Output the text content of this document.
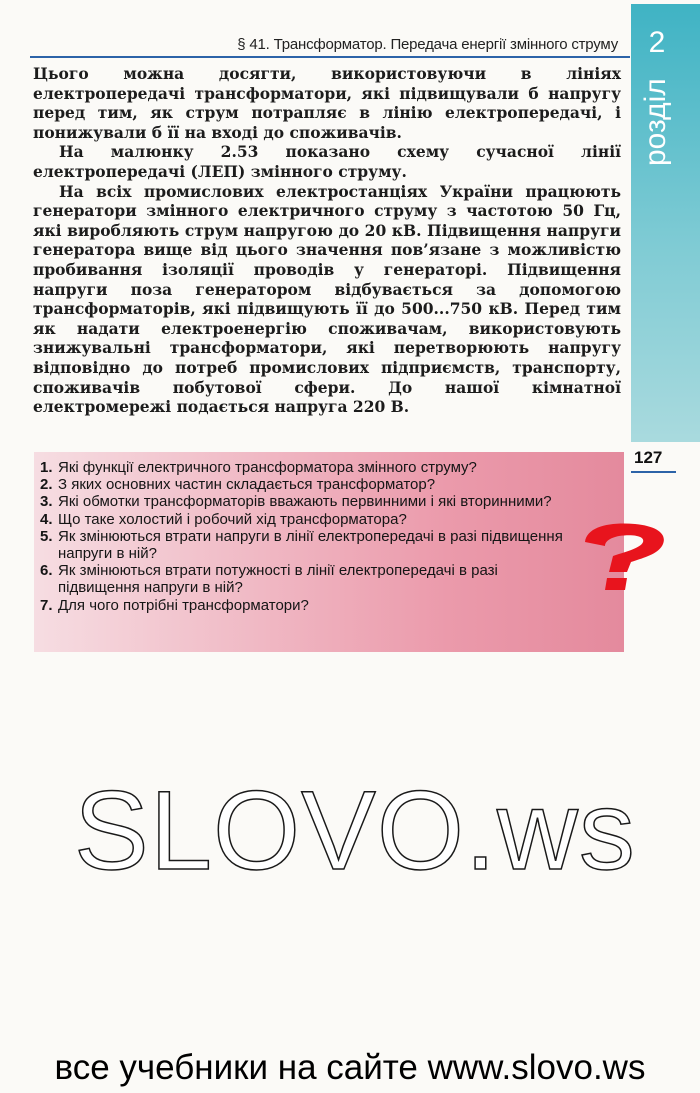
§ 41. Трансформатор. Передача енергії змінного струму	2
розділ
127

Цього можна досягти, використовуючи в лініях електропередачі трансформатори, які підвищували б напругу перед тим, як струм потрапляє в лінію електропередачі, і понижували б її на вході до споживачів.

На малюнку 2.53 показано схему сучасної лінії електропередачі (ЛЕП) змінного струму.

На всіх промислових електростанціях України працюють генератори змінного електричного струму з частотою 50 Гц, які виробляють струм напругою до 20 кВ. Підвищення напруги генератора вище від цього значення пов’язане з можливістю пробивання ізоляції проводів у генераторі. Підвищення напруги поза генератором відбувається за допомогою трансформаторів, які підвищують її до 500...750 кВ. Перед тим як надати електроенергію споживачам, використовують знижувальні трансформатори, які перетворюють напругу відповідно до потреб промислових підприємств, транспорту, споживачів побутової сфери. До нашої кімнатної електромережі подається напруга 220 В.

1. Які функції електричного трансформатора змінного струму?
2. З яких основних частин складається трансформатор?
3. Які обмотки трансформаторів вважають первинними і які вторинними?
4. Що таке холостий і робочий хід трансформатора?
5. Як змінюються втрати напруги в лінії електропередачі в разі підвищення напруги в ній?
6. Як змінюються втрати потужності в лінії електропередачі в разі підвищення напруги в ній?
7. Для чого потрібні трансформатори?
SLOVO.ws
все учебники на сайте www.slovo.ws
